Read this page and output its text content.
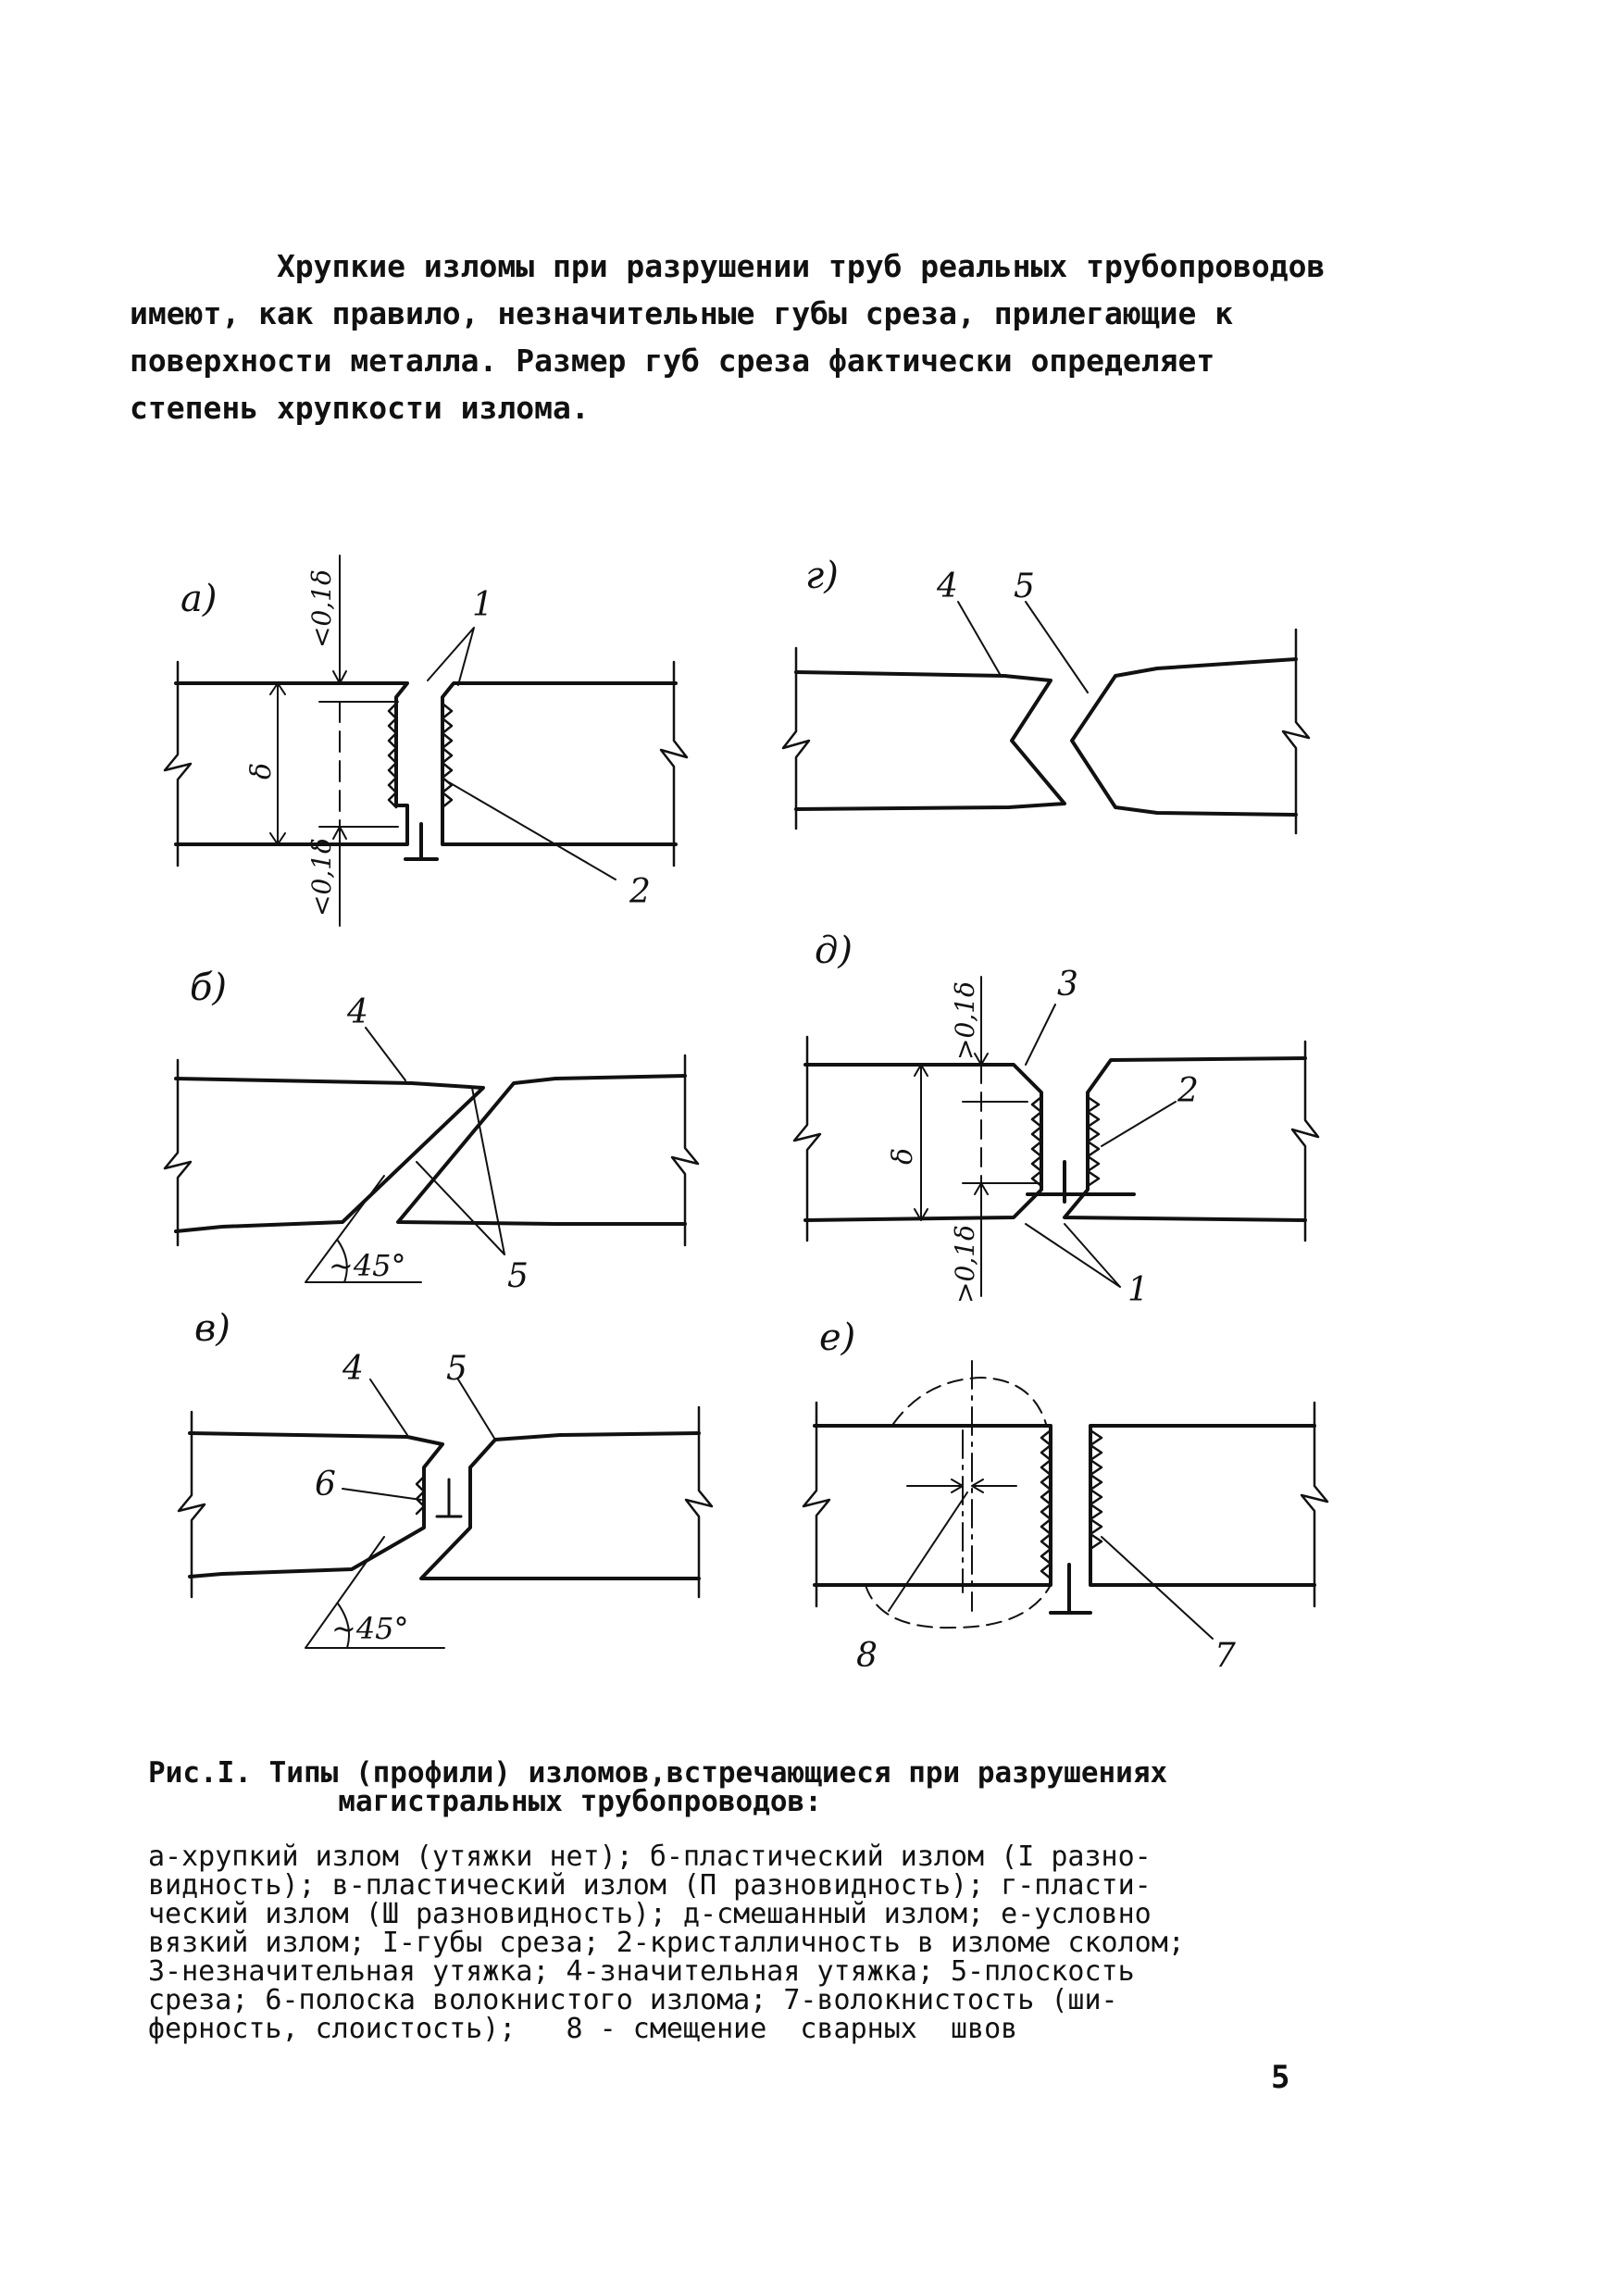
Хрупкие изломы при разрушении труб реальных трубопроводов
имеют, как правило, незначительные губы среза, прилегающие к
поверхности металла. Размер губ среза фактически определяет
степень хрупкости излома.
а)	<0,1δ
<0,1δ
δ
1
2
г)	4 5
б)
~45°
4
5
д)
>0,1δ
>0,1δ
δ
3
2
1
в)
~45°
4 5
6
е)
8	7
Рис.I. Типы (профили) изломов,встречающиеся при разрушениях
магистральных трубопроводов:
а-хрупкий излом (утяжки нет); б-пластический излом (I разно-
видность); в-пластический излом (П разновидность); г-пласти-
ческий излом (Ш разновидность); д-смешанный излом; е-условно
вязкий излом; I-губы среза; 2-кристалличность в изломе сколом;
3-незначительная утяжка; 4-значительная утяжка; 5-плоскость
среза; 6-полоска волокнистого излома; 7-волокнистость (ши-
ферность, слоистость);   8 - смещение  сварных  швов
5
